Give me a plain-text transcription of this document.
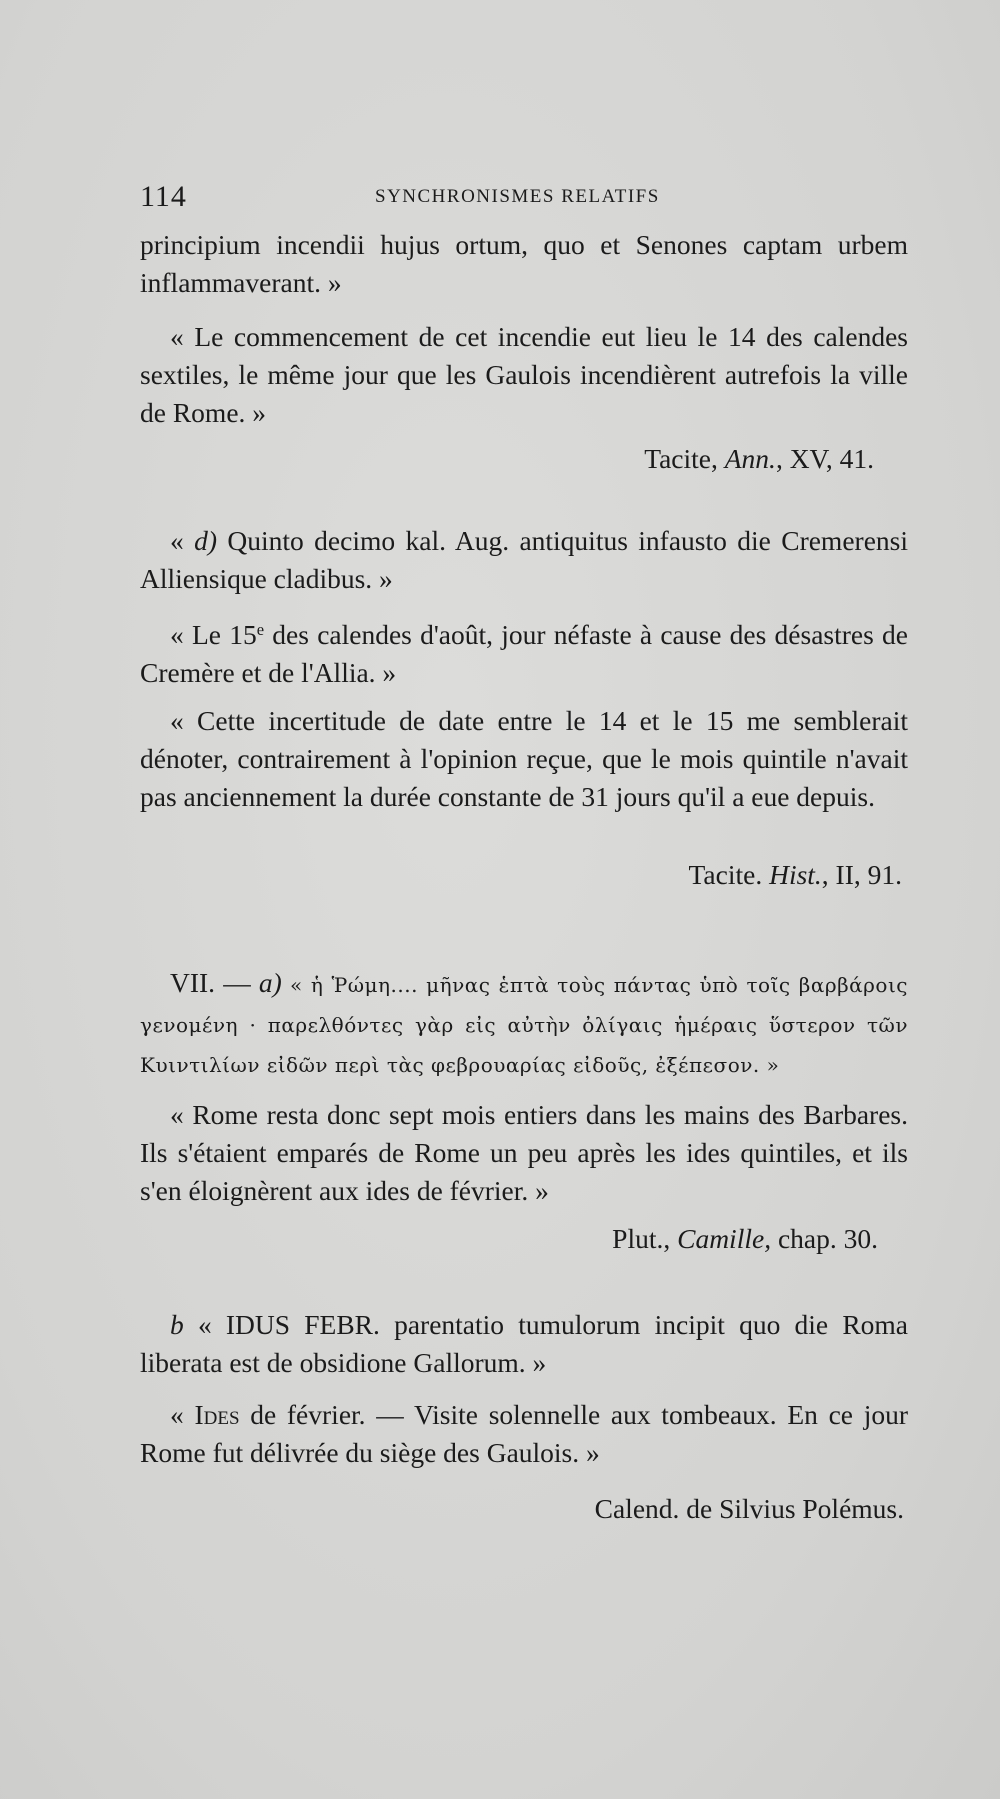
114	SYNCHRONISMES RELATIFS
principium incendii hujus ortum, quo et Senones captam urbem inflammaverant. »
« Le commencement de cet incendie eut lieu le 14 des calendes sextiles, le même jour que les Gaulois incendièrent autrefois la ville de Rome. »
Tacite, Ann., XV, 41.
« d) Quinto decimo kal. Aug. antiquitus infausto die Cremerensi Alliensique cladibus. »
« Le 15e des calendes d'août, jour néfaste à cause des désastres de Cremère et de l'Allia. »
« Cette incertitude de date entre le 14 et le 15 me semblerait dénoter, contrairement à l'opinion reçue, que le mois quintile n'avait pas anciennement la durée constante de 31 jours qu'il a eue depuis.
Tacite. Hist., II, 91.
VII. — a) « ἡ Ῥώμη.... μῆνας ἑπτὰ τοὺς πάντας ὑπὸ τοῖς βαρβάροις γενομένη · παρελθόντες γὰρ εἰς αὐτὴν ὀλίγαις ἡμέραις ὕστερον τῶν Κυιντιλίων εἰδῶν περὶ τὰς φεβρουαρίας εἰδοῦς, ἐξέπεσον. »
« Rome resta donc sept mois entiers dans les mains des Barbares. Ils s'étaient emparés de Rome un peu après les ides quintiles, et ils s'en éloignèrent aux ides de février. »
Plut., Camille, chap. 30.
b « IDUS FEBR. parentatio tumulorum incipit quo die Roma liberata est de obsidione Gallorum. »
« Ides de février. — Visite solennelle aux tombeaux. En ce jour Rome fut délivrée du siège des Gaulois. »
Calend. de Silvius Polémus.
